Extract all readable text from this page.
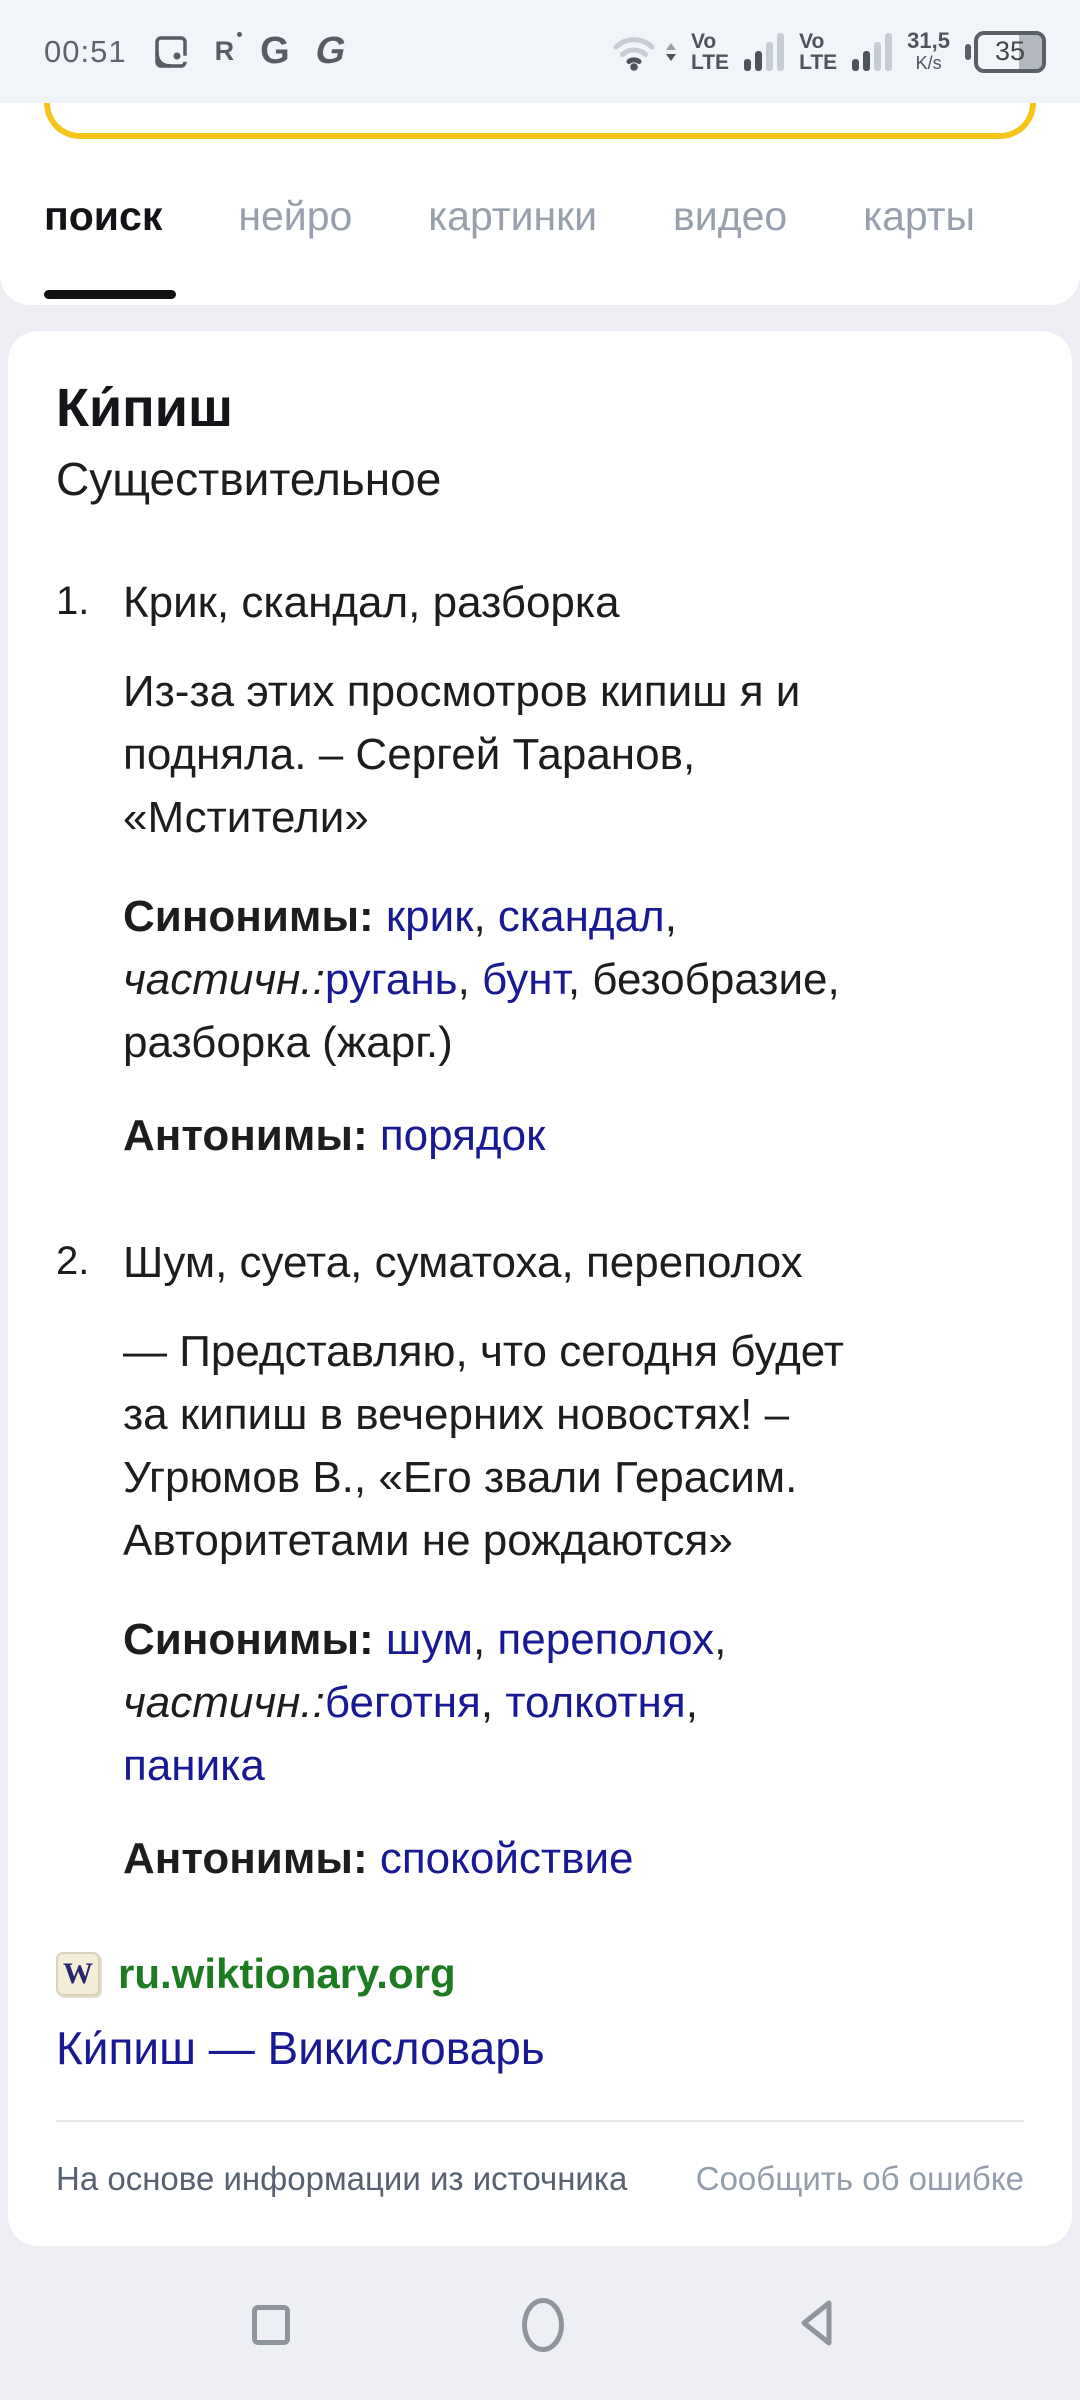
00:51	R G G	Vo
LTE
Vo
LTE
31,5
K/s	35
поиск нейро картинки видео карты
Ки́пиш
Существительное
1. Крик, скандал, разборка

Из-за этих просмотров кипиш я и
подняла. – Сергей Таранов,
«Мстители»

Синонимы: крик, скандал,
частичн.:ругань, бунт, безобразие,
разборка (жарг.)

Антонимы: порядок

2. Шум, суета, суматоха, переполох

— Представляю, что сегодня будет
за кипиш в вечерних новостях! –
Угрюмов В., «Его звали Герасим.
Авторитетами не рождаются»

Синонимы: шум, переполох,
частичн.:беготня, толкотня,
паника

Антонимы: спокойствие

W ru.wiktionary.org
Ки́пиш — Викисловарь
На основе информации из источника Сообщить об ошибке
